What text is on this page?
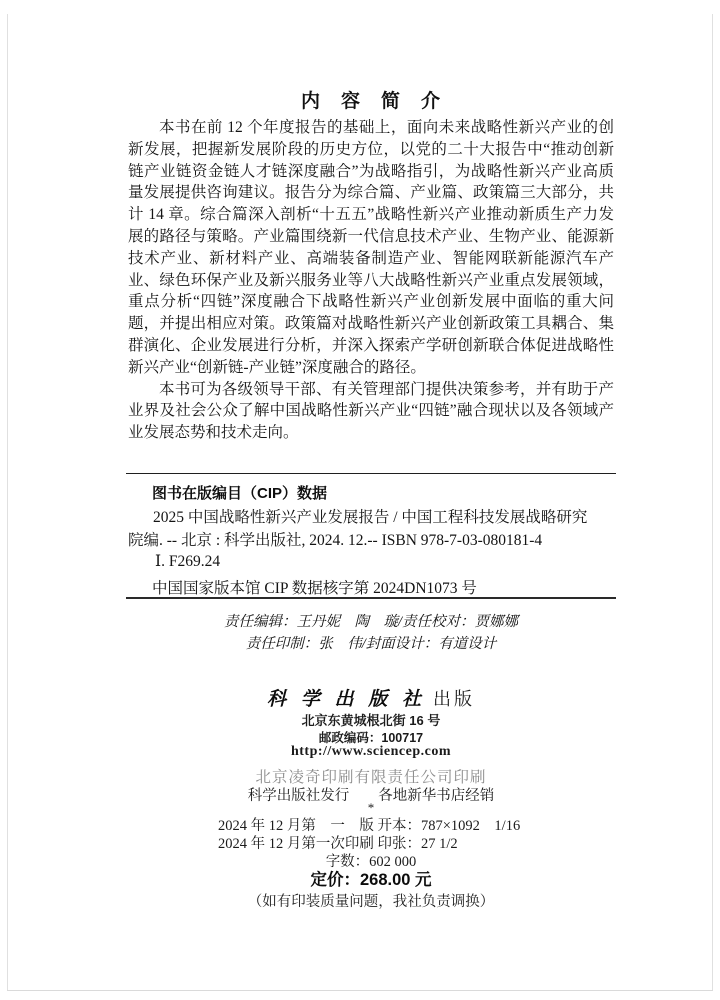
内　容　简　介

本书在前 12 个年度报告的基础上，面向未来战略性新兴产业的创新发展，把握新发展阶段的历史方位，以党的二十大报告中“推动创新链产业链资金链人才链深度融合”为战略指引，为战略性新兴产业高质量发展提供咨询建议。报告分为综合篇、产业篇、政策篇三大部分，共计 14 章。综合篇深入剖析“十五五”战略性新兴产业推动新质生产力发展的路径与策略。产业篇围绕新一代信息技术产业、生物产业、能源新技术产业、新材料产业、高端装备制造产业、智能网联新能源汽车产业、绿色环保产业及新兴服务业等八大战略性新兴产业重点发展领域，重点分析“四链”深度融合下战略性新兴产业创新发展中面临的重大问题，并提出相应对策。政策篇对战略性新兴产业创新政策工具耦合、集群演化、企业发展进行分析，并深入探索产学研创新联合体促进战略性新兴产业“创新链-产业链”深度融合的路径。

本书可为各级领导干部、有关管理部门提供决策参考，并有助于产业界及社会公众了解中国战略性新兴产业“四链”融合现状以及各领域产业发展态势和技术走向。

图书在版编目（CIP）数据
2025 中国战略性新兴产业发展报告 / 中国工程科技发展战略研究
院编. -- 北京 : 科学出版社, 2024. 12.-- ISBN 978-7-03-080181-4
Ⅰ. F269.24
中国国家版本馆 CIP 数据核字第 2024DN1073 号
责任编辑：王丹妮　陶　璇/责任校对：贾娜娜
责任印制：张　伟/封面设计：有道设计
科 学 出 版 社 出版
北京东黄城根北街 16 号
邮政编码：100717
http://www.sciencep.com
北京凌奇印刷有限责任公司印刷
科学出版社发行　　各地新华书店经销
*
2024 年 12 月第　一　版 开本：787×1092　1/16
2024 年 12 月第一次印刷 印张：27 1/2
字数：602 000
定价：268.00 元
（如有印装质量问题，我社负责调换）
